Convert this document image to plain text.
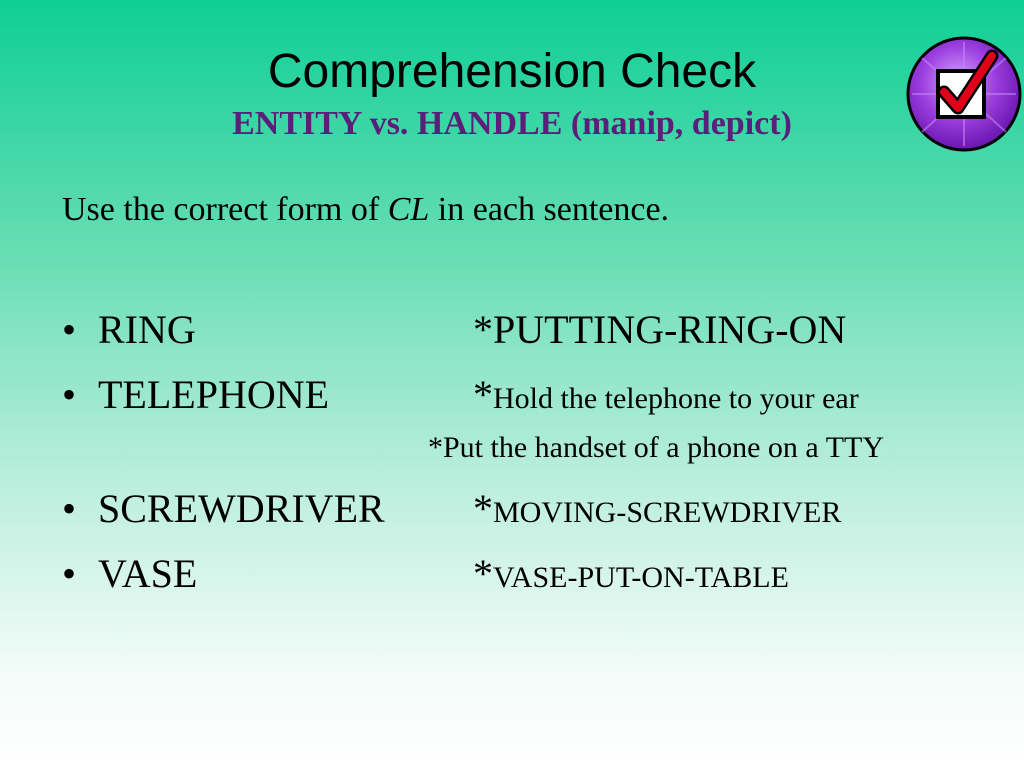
Comprehension Check
ENTITY vs. HANDLE (manip, depict)

Use the correct form of CL in each sentence.

• RING	*PUTTING-RING-ON
• TELEPHONE	*Hold the telephone to your ear
*Put the handset of a phone on a TTY
• SCREWDRIVER *MOVING-SCREWDRIVER
• VASE	*VASE-PUT-ON-TABLE
